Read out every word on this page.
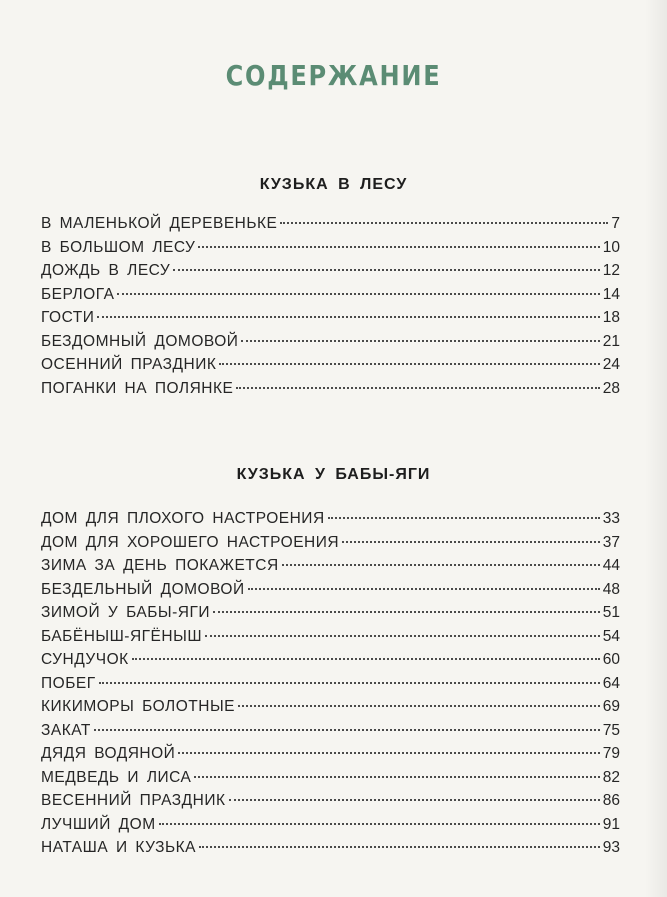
СОДЕРЖАНИЕ
КУЗЬКА В ЛЕСУ
В МАЛЕНЬКОЙ ДЕРЕВЕНЬКЕ	7
В БОЛЬШОМ ЛЕСУ	10
ДОЖДЬ В ЛЕСУ	12
БЕРЛОГА	14
ГОСТИ	18
БЕЗДОМНЫЙ ДОМОВОЙ	21
ОСЕННИЙ ПРАЗДНИК	24
ПОГАНКИ НА ПОЛЯНКЕ	28
КУЗЬКА У БАБЫ-ЯГИ
ДОМ ДЛЯ ПЛОХОГО НАСТРОЕНИЯ	33
ДОМ ДЛЯ ХОРОШЕГО НАСТРОЕНИЯ	37
ЗИМА ЗА ДЕНЬ ПОКАЖЕТСЯ	44
БЕЗДЕЛЬНЫЙ ДОМОВОЙ	48
ЗИМОЙ У БАБЫ-ЯГИ	51
БАБЁНЫШ-ЯГЁНЫШ	54
СУНДУЧОК	60
ПОБЕГ	64
КИКИМОРЫ БОЛОТНЫЕ	69
ЗАКАТ	75
ДЯДЯ ВОДЯНОЙ	79
МЕДВЕДЬ И ЛИСА	82
ВЕСЕННИЙ ПРАЗДНИК	86
ЛУЧШИЙ ДОМ	91
НАТАША И КУЗЬКА	93
